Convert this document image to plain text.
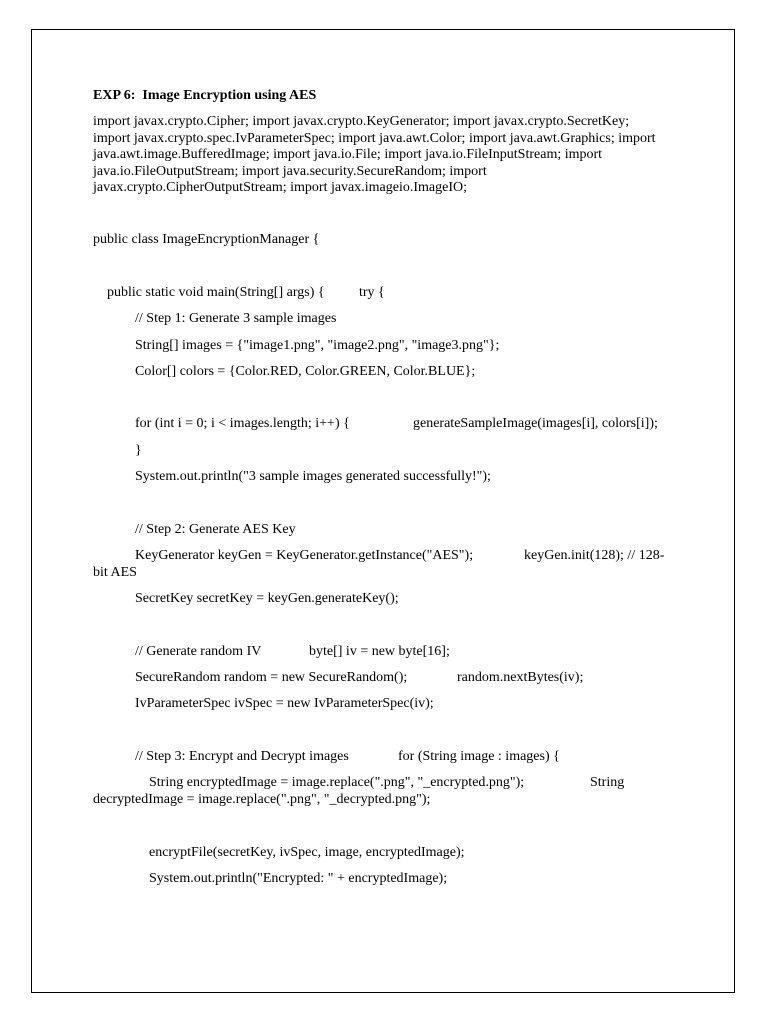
EXP 6:  Image Encryption using AES
import javax.crypto.Cipher; import javax.crypto.KeyGenerator; import javax.crypto.SecretKey;
import javax.crypto.spec.IvParameterSpec; import java.awt.Color; import java.awt.Graphics; import
java.awt.image.BufferedImage; import java.io.File; import java.io.FileInputStream; import
java.io.FileOutputStream; import java.security.SecureRandom; import
javax.crypto.CipherOutputStream; import javax.imageio.ImageIO;
public class ImageEncryptionManager {
public static void main(String[] args) { try {
// Step 1: Generate 3 sample images
String[] images = {"image1.png", "image2.png", "image3.png"};
Color[] colors = {Color.RED, Color.GREEN, Color.BLUE};
for (int i = 0; i < images.length; i++) {	generateSampleImage(images[i], colors[i]);
}
System.out.println("3 sample images generated successfully!");
// Step 2: Generate AES Key
KeyGenerator keyGen = KeyGenerator.getInstance("AES");	keyGen.init(128); // 128-
bit AES
SecretKey secretKey = keyGen.generateKey();
// Generate random IV	byte[] iv = new byte[16];
SecureRandom random = new SecureRandom();	random.nextBytes(iv);
IvParameterSpec ivSpec = new IvParameterSpec(iv);
// Step 3: Encrypt and Decrypt images	for (String image : images) {
String encryptedImage = image.replace(".png", "_encrypted.png");	String
decryptedImage = image.replace(".png", "_decrypted.png");
encryptFile(secretKey, ivSpec, image, encryptedImage);
System.out.println("Encrypted: " + encryptedImage);
